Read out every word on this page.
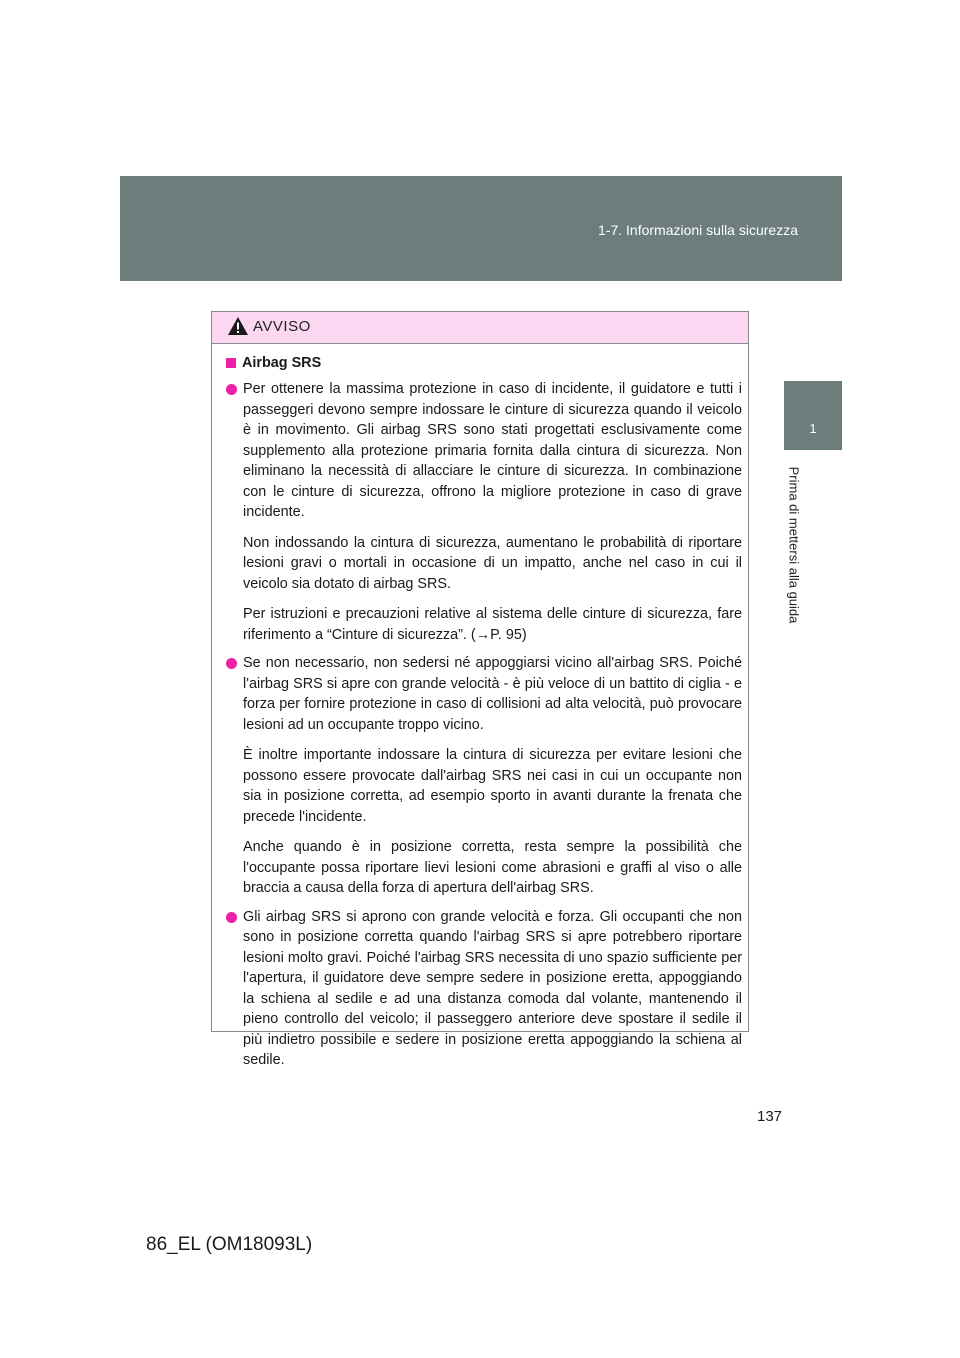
1-7. Informazioni sulla sicurezza
1
Prima di mettersi alla guida
AVVISO
Airbag SRS

Per ottenere la massima protezione in caso di incidente, il guidatore e tutti i passeggeri devono sempre indossare le cinture di sicurezza quando il veicolo è in movimento. Gli airbag SRS sono stati progettati esclusivamente come supplemento alla protezione primaria fornita dalla cintura di sicurezza. Non eliminano la necessità di allacciare le cinture di sicurezza. In combinazione con le cinture di sicurezza, offrono la migliore protezione in caso di grave incidente.

Non indossando la cintura di sicurezza, aumentano le probabilità di riportare lesioni gravi o mortali in occasione di un impatto, anche nel caso in cui il veicolo sia dotato di airbag SRS.

Per istruzioni e precauzioni relative al sistema delle cinture di sicurezza, fare riferimento a “Cinture di sicurezza”. (→P. 95)

Se non necessario, non sedersi né appoggiarsi vicino all'airbag SRS. Poiché l'airbag SRS si apre con grande velocità - è più veloce di un battito di ciglia - e forza per fornire protezione in caso di collisioni ad alta velocità, può provocare lesioni ad un occupante troppo vicino.

È inoltre importante indossare la cintura di sicurezza per evitare lesioni che possono essere provocate dall'airbag SRS nei casi in cui un occupante non sia in posizione corretta, ad esempio sporto in avanti durante la frenata che precede l'incidente.

Anche quando è in posizione corretta, resta sempre la possibilità che l'occupante possa riportare lievi lesioni come abrasioni e graffi al viso o alle braccia a causa della forza di apertura dell'airbag SRS.

Gli airbag SRS si aprono con grande velocità e forza. Gli occupanti che non sono in posizione corretta quando l'airbag SRS si apre potrebbero riportare lesioni molto gravi. Poiché l'airbag SRS necessita di uno spazio sufficiente per l'apertura, il guidatore deve sempre sedere in posizione eretta, appoggiando la schiena al sedile e ad una distanza comoda dal volante, mantenendo il pieno controllo del veicolo; il passeggero anteriore deve spostare il sedile il più indietro possibile e sedere in posizione eretta appoggiando la schiena al sedile.

137
86_EL (OM18093L)
